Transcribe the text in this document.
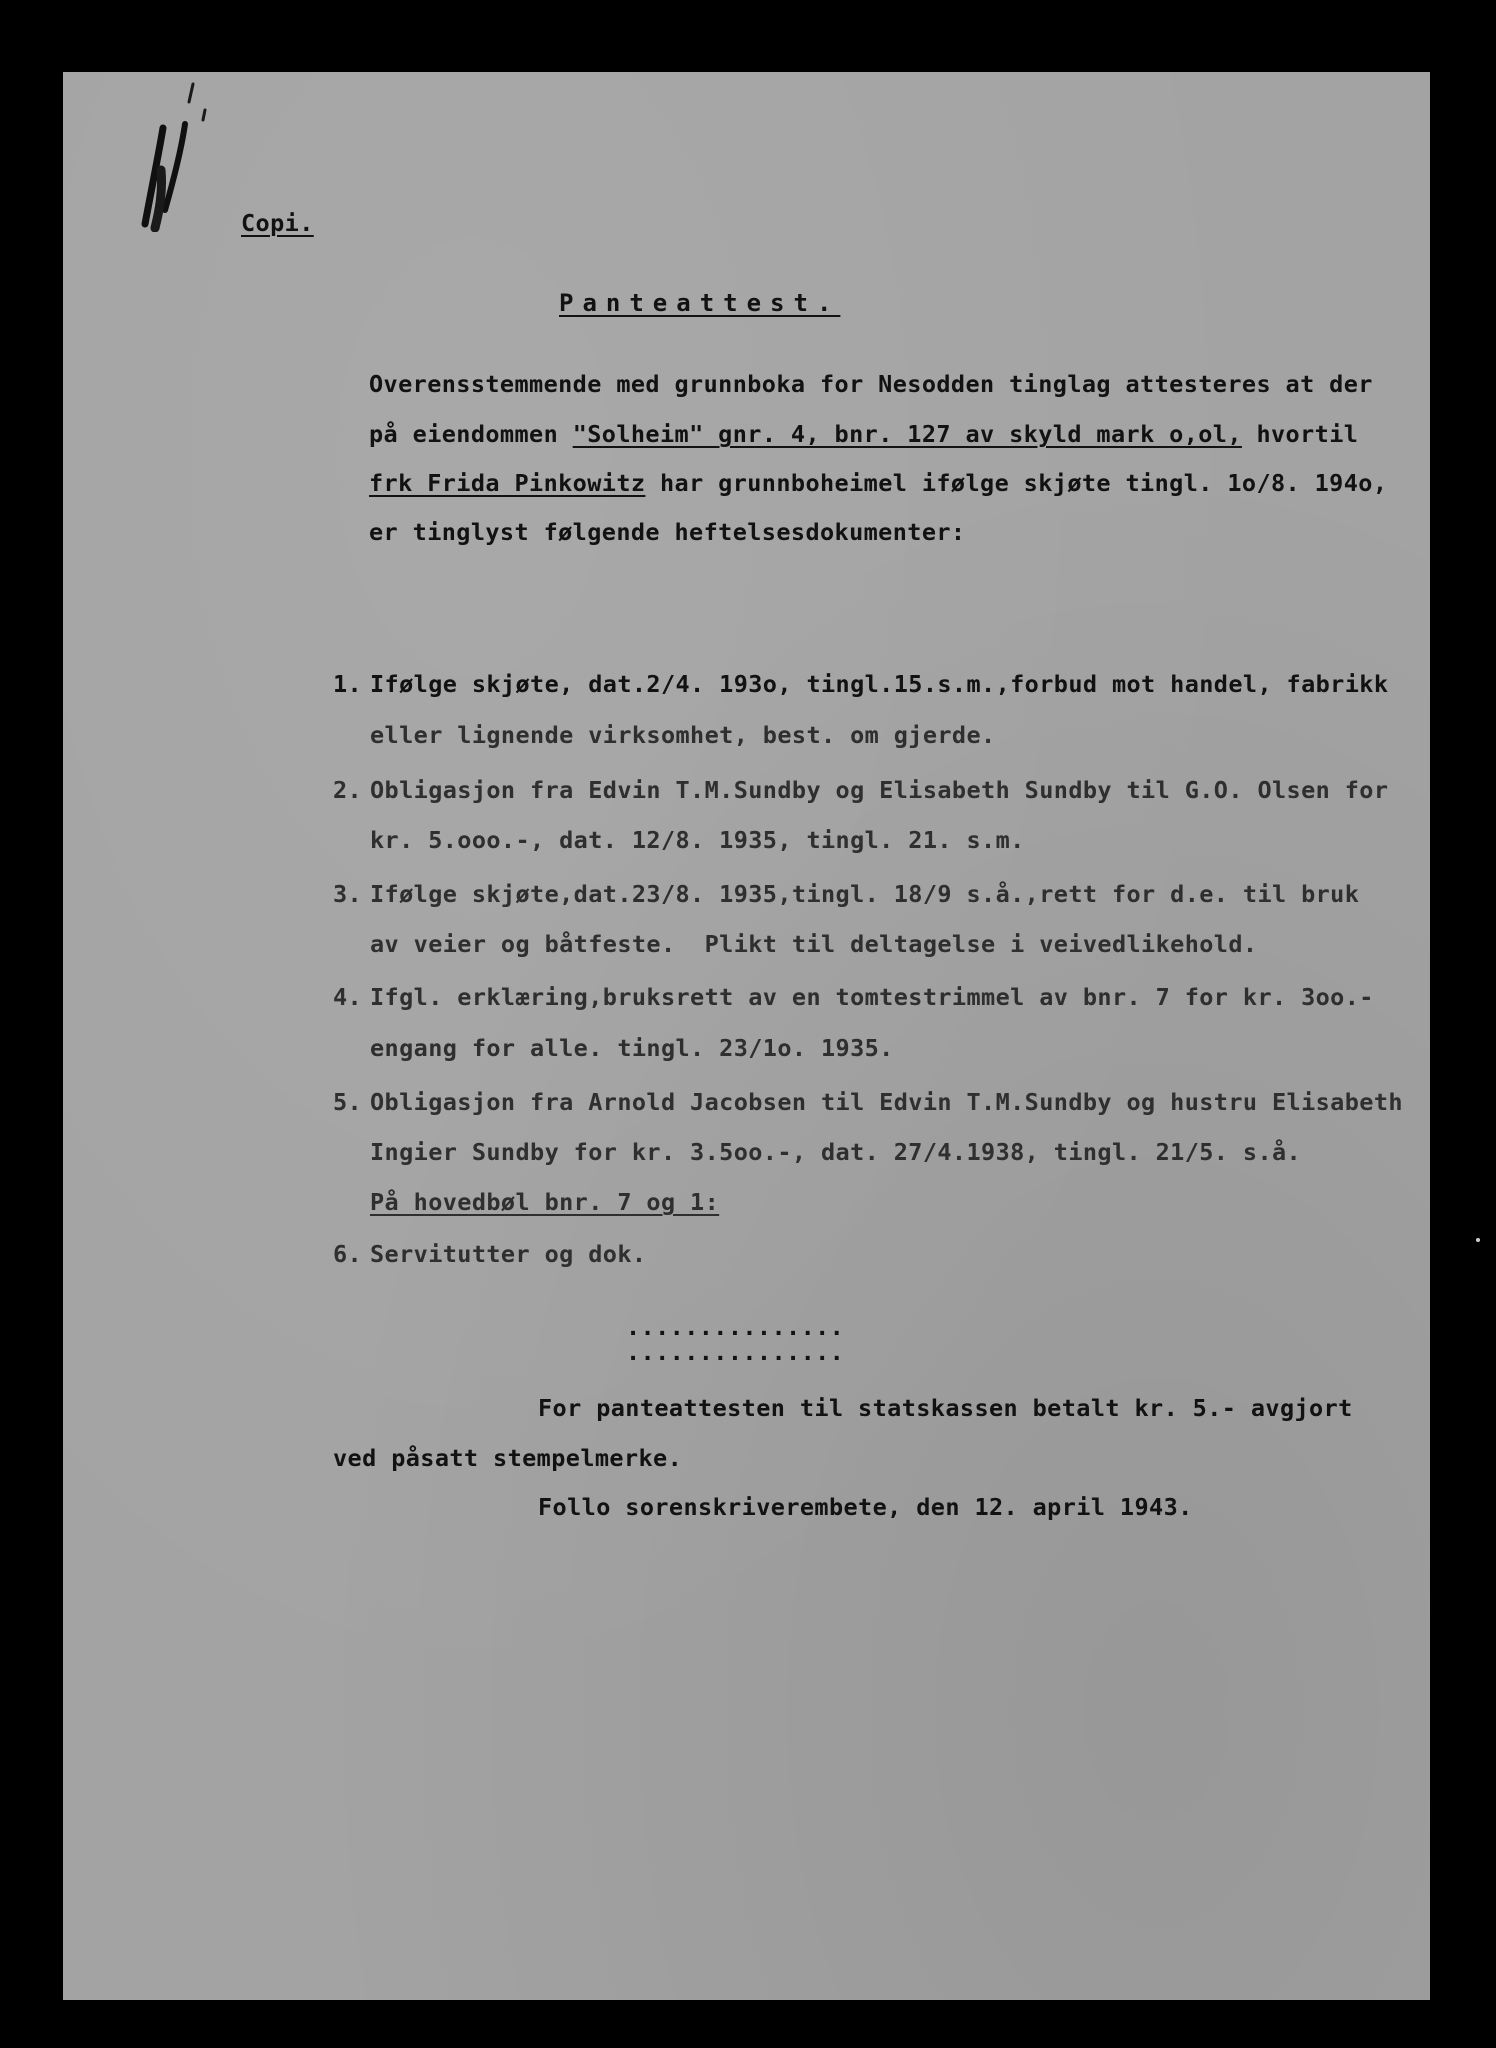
Copi.
Panteattest.
Overensstemmende med grunnboka for Nesodden tinglag attesteres at der
på eiendommen "Solheim" gnr. 4, bnr. 127 av skyld mark o,ol, hvortil
frk Frida Pinkowitz har grunnboheimel ifølge skjøte tingl. 1o/8. 194o,
er tinglyst følgende heftelsesdokumenter:
1. Ifølge skjøte, dat.2/4. 193o, tingl.15.s.m.,forbud mot handel, fabrikk
eller lignende virksomhet, best. om gjerde.
2. Obligasjon fra Edvin T.M.Sundby og Elisabeth Sundby til G.O. Olsen for
kr. 5.ooo.-, dat. 12/8. 1935, tingl. 21. s.m.
3. Ifølge skjøte,dat.23/8. 1935,tingl. 18/9 s.å.,rett for d.e. til bruk
av veier og båtfeste.  Plikt til deltagelse i veivedlikehold.
4. Ifgl. erklæring,bruksrett av en tomtestrimmel av bnr. 7 for kr. 3oo.-
engang for alle. tingl. 23/1o. 1935.
5. Obligasjon fra Arnold Jacobsen til Edvin T.M.Sundby og hustru Elisabeth
Ingier Sundby for kr. 3.5oo.-, dat. 27/4.1938, tingl. 21/5. s.å.
På hovedbøl bnr. 7 og 1:
6. Servitutter og dok.
...............
...............
For panteattesten til statskassen betalt kr. 5.- avgjort
ved påsatt stempelmerke.
Follo sorenskriverembete, den 12. april 1943.
